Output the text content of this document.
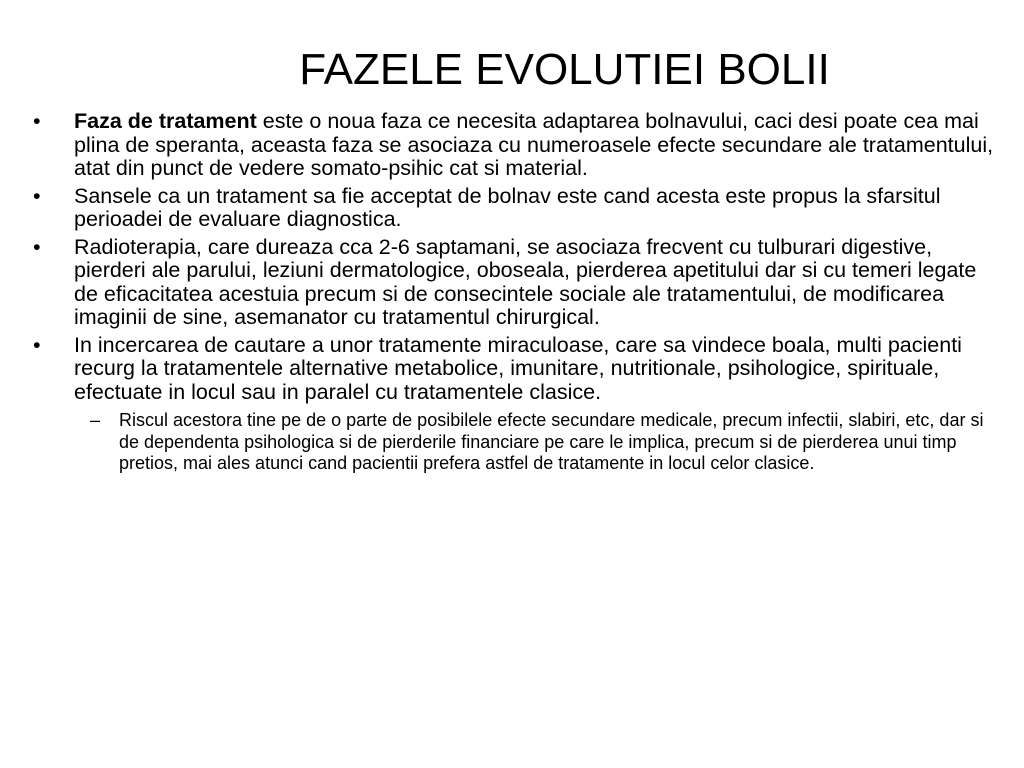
FAZELE EVOLUTIEI BOLII
•	Faza de tratament este o noua faza ce necesita adaptarea bolnavului, caci desi poate cea mai plina de speranta, aceasta faza se asociaza cu numeroasele efecte secundare ale tratamentului, atat din punct de vedere somato-psihic cat si material.
•	Sansele ca un tratament sa fie acceptat de bolnav este cand acesta este propus la sfarsitul perioadei de evaluare diagnostica.
•	Radioterapia, care dureaza cca 2-6 saptamani, se asociaza frecvent cu tulburari digestive, pierderi ale parului, leziuni dermatologice, oboseala, pierderea apetitului dar si cu temeri legate de eficacitatea acestuia precum si de consecintele sociale ale tratamentului, de modificarea imaginii de sine, asemanator cu tratamentul chirurgical.
•	In incercarea de cautare a unor tratamente miraculoase, care sa vindece boala, multi pacienti recurg la tratamentele alternative metabolice, imunitare, nutritionale, psihologice, spirituale, efectuate in locul sau in paralel cu tratamentele clasice.
–	Riscul acestora tine pe de o parte de posibilele efecte secundare medicale, precum infectii, slabiri, etc, dar si de dependenta psihologica si de pierderile financiare pe care le implica, precum si de pierderea unui timp pretios, mai ales atunci cand pacientii prefera astfel de tratamente in locul celor clasice.
